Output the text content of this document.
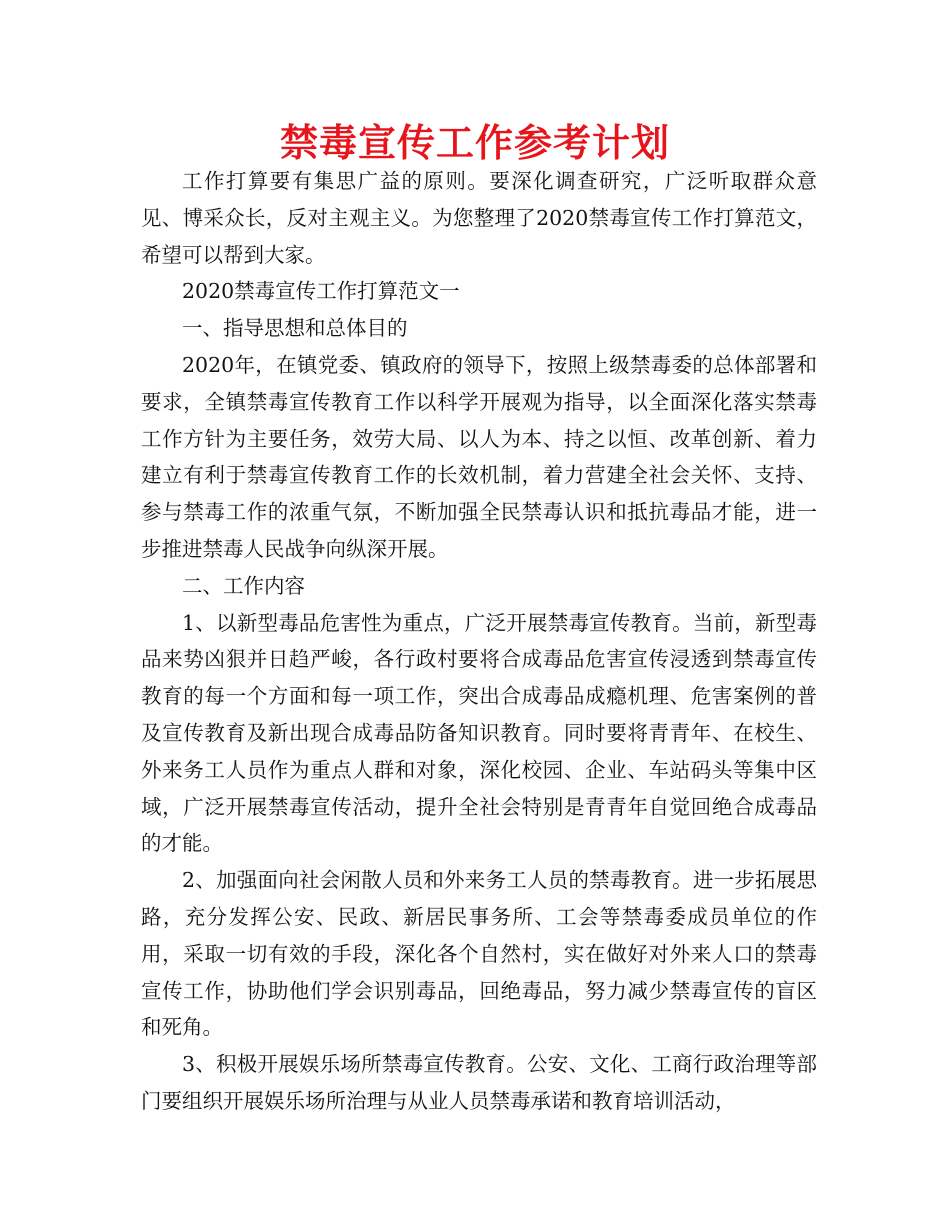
禁毒宣传工作参考计划

工作打算要有集思广益的原则。要深化调查研究，广泛听取群众意见、博采众长，反对主观主义。为您整理了2020禁毒宣传工作打算范文，希望可以帮到大家。

2020禁毒宣传工作打算范文一

一、指导思想和总体目的

2020年，在镇党委、镇政府的领导下，按照上级禁毒委的总体部署和要求，全镇禁毒宣传教育工作以科学开展观为指导，以全面深化落实禁毒工作方针为主要任务，效劳大局、以人为本、持之以恒、改革创新、着力建立有利于禁毒宣传教育工作的长效机制，着力营建全社会关怀、支持、参与禁毒工作的浓重气氛，不断加强全民禁毒认识和抵抗毒品才能，进一步推进禁毒人民战争向纵深开展。

二、工作内容

1、以新型毒品危害性为重点，广泛开展禁毒宣传教育。当前，新型毒品来势凶狠并日趋严峻，各行政村要将合成毒品危害宣传浸透到禁毒宣传教育的每一个方面和每一项工作，突出合成毒品成瘾机理、危害案例的普及宣传教育及新出现合成毒品防备知识教育。同时要将青青年、在校生、外来务工人员作为重点人群和对象，深化校园、企业、车站码头等集中区域，广泛开展禁毒宣传活动，提升全社会特别是青青年自觉回绝合成毒品的才能。

2、加强面向社会闲散人员和外来务工人员的禁毒教育。进一步拓展思路，充分发挥公安、民政、新居民事务所、工会等禁毒委成员单位的作用，采取一切有效的手段，深化各个自然村，实在做好对外来人口的禁毒宣传工作，协助他们学会识别毒品，回绝毒品，努力减少禁毒宣传的盲区和死角。

3、积极开展娱乐场所禁毒宣传教育。公安、文化、工商行政治理等部门要组织开展娱乐场所治理与从业人员禁毒承诺和教育培训活动，
